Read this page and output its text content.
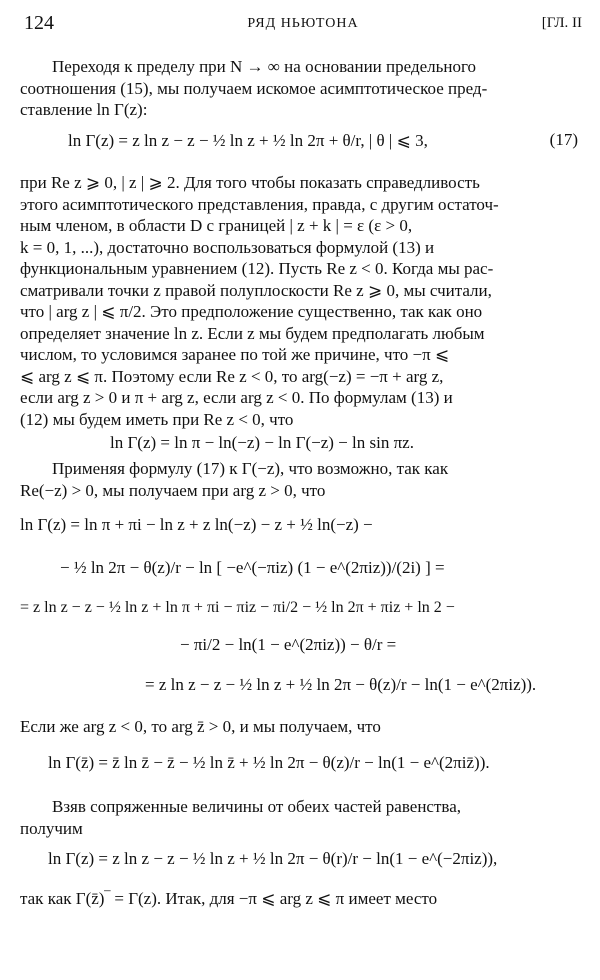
124	РЯД НЬЮТОНА	[ГЛ. II
Переходя к пределу при N → ∞ на основании предельного
соотношения (15), мы получаем искомое асимптотическое пред-
ставление ln Γ(z):
ln Γ(z) = z ln z − z − ½ ln z + ½ ln 2π + θ/r, | θ | ⩽ 3,	(17)
при Re z ⩾ 0, | z | ⩾ 2. Для того чтобы показать справедливость
этого асимптотического представления, правда, с другим остаточ-
ным членом, в области D с границей | z + k | = ε (ε > 0,
k = 0, 1, ...), достаточно воспользоваться формулой (13) и
функциональным уравнением (12). Пусть Re z < 0. Когда мы рас-
сматривали точки z правой полуплоскости Re z ⩾ 0, мы считали,
что | arg z | ⩽ π/2. Это предположение существенно, так как оно
определяет значение ln z. Если z мы будем предполагать любым
числом, то условимся заранее по той же причине, что −π ⩽
⩽ arg z ⩽ π. Поэтому если Re z < 0, то arg(−z) = −π + arg z,
если arg z > 0 и π + arg z, если arg z < 0. По формулам (13) и
(12) мы будем иметь при Re z < 0, что
ln Γ(z) = ln π − ln(−z) − ln Γ(−z) − ln sin πz.
Применяя формулу (17) к Γ(−z), что возможно, так как
Re(−z) > 0, мы получаем при arg z > 0, что
ln Γ(z) = ln π + πi − ln z + z ln(−z) − z + ½ ln(−z) −
− ½ ln 2π − θ(z)/r − ln [ −e^(−πiz) (1 − e^(2πiz))/(2i) ] =
= z ln z − z − ½ ln z + ln π + πi − πiz − πi/2 − ½ ln 2π + πiz + ln 2 −
− πi/2 − ln(1 − e^(2πiz)) − θ/r =
= z ln z − z − ½ ln z + ½ ln 2π − θ(z)/r − ln(1 − e^(2πiz)).
Если же arg z < 0, то arg z̄ > 0, и мы получаем, что
ln Γ(z̄) = z̄ ln z̄ − z̄ − ½ ln z̄ + ½ ln 2π − θ(z)/r − ln(1 − e^(2πiz̄)).
Взяв сопряженные величины от обеих частей равенства,
получим
ln Γ(z) = z ln z − z − ½ ln z + ½ ln 2π − θ(r)/r − ln(1 − e^(−2πiz)),
так как Γ(z̄)‾ = Γ(z). Итак, для −π ⩽ arg z ⩽ π имеет место
